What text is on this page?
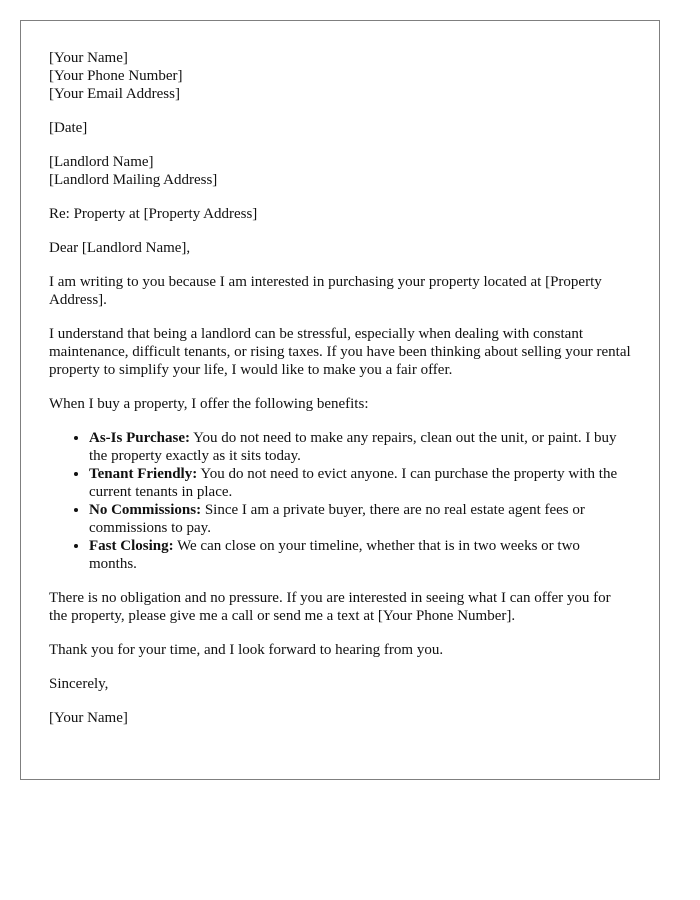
[Your Name]
[Your Phone Number]
[Your Email Address]

[Date]

[Landlord Name]
[Landlord Mailing Address]

Re: Property at [Property Address]

Dear [Landlord Name],

I am writing to you because I am interested in purchasing your property located at [Property Address].

I understand that being a landlord can be stressful, especially when dealing with constant maintenance, difficult tenants, or rising taxes. If you have been thinking about selling your rental property to simplify your life, I would like to make you a fair offer.

When I buy a property, I offer the following benefits:

• As-Is Purchase: You do not need to make any repairs, clean out the unit, or paint. I buy the property exactly as it sits today.
• Tenant Friendly: You do not need to evict anyone. I can purchase the property with the current tenants in place.
• No Commissions: Since I am a private buyer, there are no real estate agent fees or commissions to pay.
• Fast Closing: We can close on your timeline, whether that is in two weeks or two months.

There is no obligation and no pressure. If you are interested in seeing what I can offer you for the property, please give me a call or send me a text at [Your Phone Number].

Thank you for your time, and I look forward to hearing from you.

Sincerely,

[Your Name]
